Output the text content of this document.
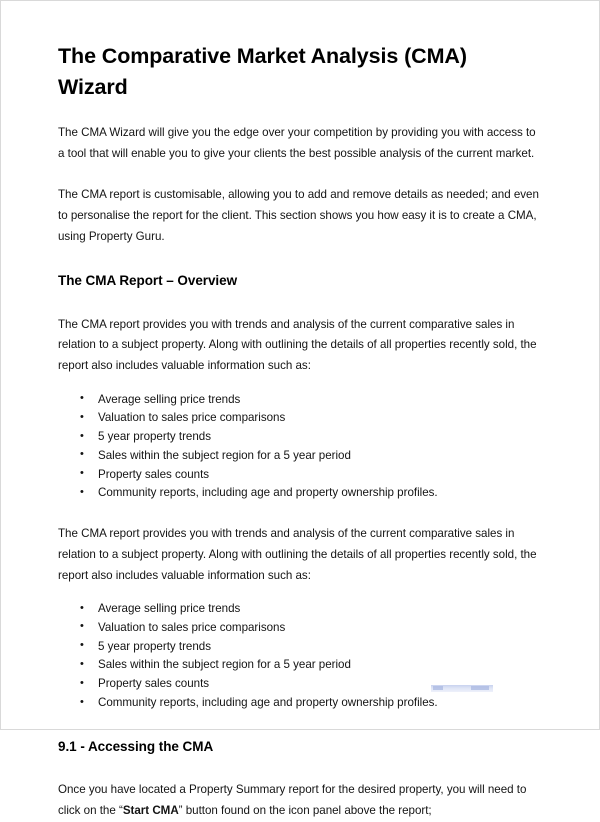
The Comparative Market Analysis (CMA) Wizard

The CMA Wizard will give you the edge over your competition by providing you with access to a tool that will enable you to give your clients the best possible analysis of the current market.

The CMA report is customisable, allowing you to add and remove details as needed; and even to personalise the report for the client. This section shows you how easy it is to create a CMA, using Property Guru.

The CMA Report – Overview

The CMA report provides you with trends and analysis of the current comparative sales in relation to a subject property. Along with outlining the details of all properties recently sold, the report also includes valuable information such as:

• Average selling price trends
• Valuation to sales price comparisons
• 5 year property trends
• Sales within the subject region for a 5 year period
• Property sales counts
• Community reports, including age and property ownership profiles.

The CMA report provides you with trends and analysis of the current comparative sales in relation to a subject property. Along with outlining the details of all properties recently sold, the report also includes valuable information such as:

• Average selling price trends
• Valuation to sales price comparisons
• 5 year property trends
• Sales within the subject region for a 5 year period
• Property sales counts
• Community reports, including age and property ownership profiles.
9.1 - Accessing the CMA

Once you have located a Property Summary report for the desired property, you will need to click on the “Start CMA” button found on the icon panel above the report;
